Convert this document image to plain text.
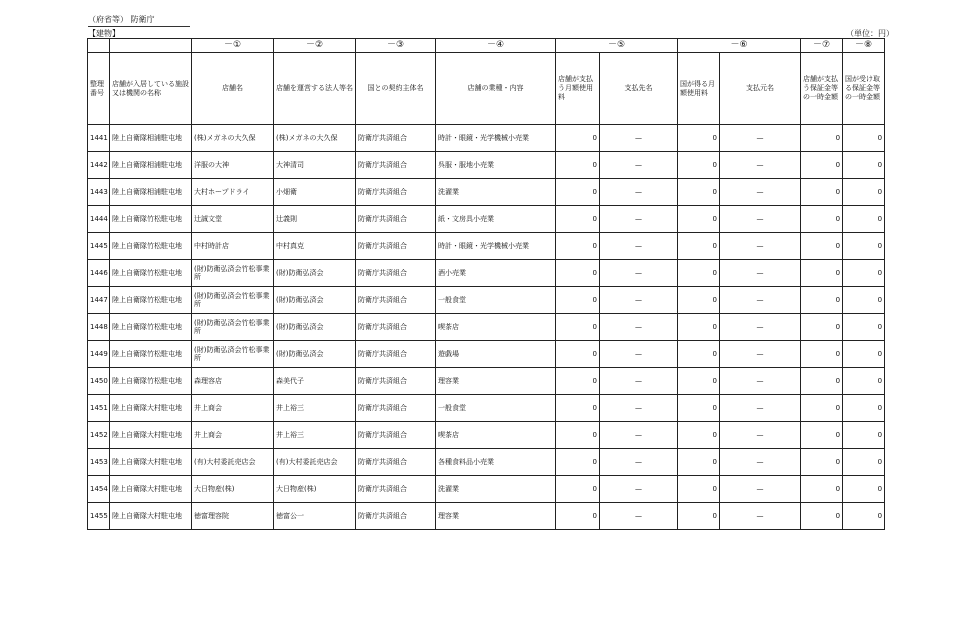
（府省等） 防衛庁
【建物】	（単位：円）
		－①	－②	－③	－④	－⑤		－⑥		－⑦	－⑧
整理番号	店舗が入居している施設又は機関の名称	店舗名	店舗を運営する法人等名	国との契約主体名	店舗の業種・内容	店舗が支払う月額使用料	支払先名	国が得る月額使用料	支払元名	店舗が支払う保証金等の一時金額	国が受け取る保証金等の一時金額
1441	陸上自衛隊相浦駐屯地	(株)メガネの大久保	(株)メガネの大久保	防衛庁共済組合	時計・眼鏡・光学機械小売業	0	—	0	—	0	0
1442	陸上自衛隊相浦駐屯地	洋服の大神	大神清司	防衛庁共済組合	呉服・服地小売業	0	—	0	—	0	0
1443	陸上自衛隊相浦駐屯地	大村ホープドライ	小畑衛	防衛庁共済組合	洗濯業	0	—	0	—	0	0
1444	陸上自衛隊竹松駐屯地	辻誠文堂	辻義則	防衛庁共済組合	紙・文房具小売業	0	—	0	—	0	0
1445	陸上自衛隊竹松駐屯地	中村時計店	中村真克	防衛庁共済組合	時計・眼鏡・光学機械小売業	0	—	0	—	0	0
1446	陸上自衛隊竹松駐屯地	(財)防衛弘済会竹松事業所	(財)防衛弘済会	防衛庁共済組合	酒小売業	0	—	0	—	0	0
1447	陸上自衛隊竹松駐屯地	(財)防衛弘済会竹松事業所	(財)防衛弘済会	防衛庁共済組合	一般食堂	0	—	0	—	0	0
1448	陸上自衛隊竹松駐屯地	(財)防衛弘済会竹松事業所	(財)防衛弘済会	防衛庁共済組合	喫茶店	0	—	0	—	0	0
1449	陸上自衛隊竹松駐屯地	(財)防衛弘済会竹松事業所	(財)防衛弘済会	防衛庁共済組合	遊戯場	0	—	0	—	0	0
1450	陸上自衛隊竹松駐屯地	森理容店	森美代子	防衛庁共済組合	理容業	0	—	0	—	0	0
1451	陸上自衛隊大村駐屯地	井上商会	井上裕三	防衛庁共済組合	一般食堂	0	—	0	—	0	0
1452	陸上自衛隊大村駐屯地	井上商会	井上裕三	防衛庁共済組合	喫茶店	0	—	0	—	0	0
1453	陸上自衛隊大村駐屯地	(有)大村委託売店会	(有)大村委託売店会	防衛庁共済組合	各種食料品小売業	0	—	0	—	0	0
1454	陸上自衛隊大村駐屯地	大日物産(株)	大日物産(株)	防衛庁共済組合	洗濯業	0	—	0	—	0	0
1455	陸上自衛隊大村駐屯地	徳富理容院	徳富公一	防衛庁共済組合	理容業	0	—	0	—	0	0
